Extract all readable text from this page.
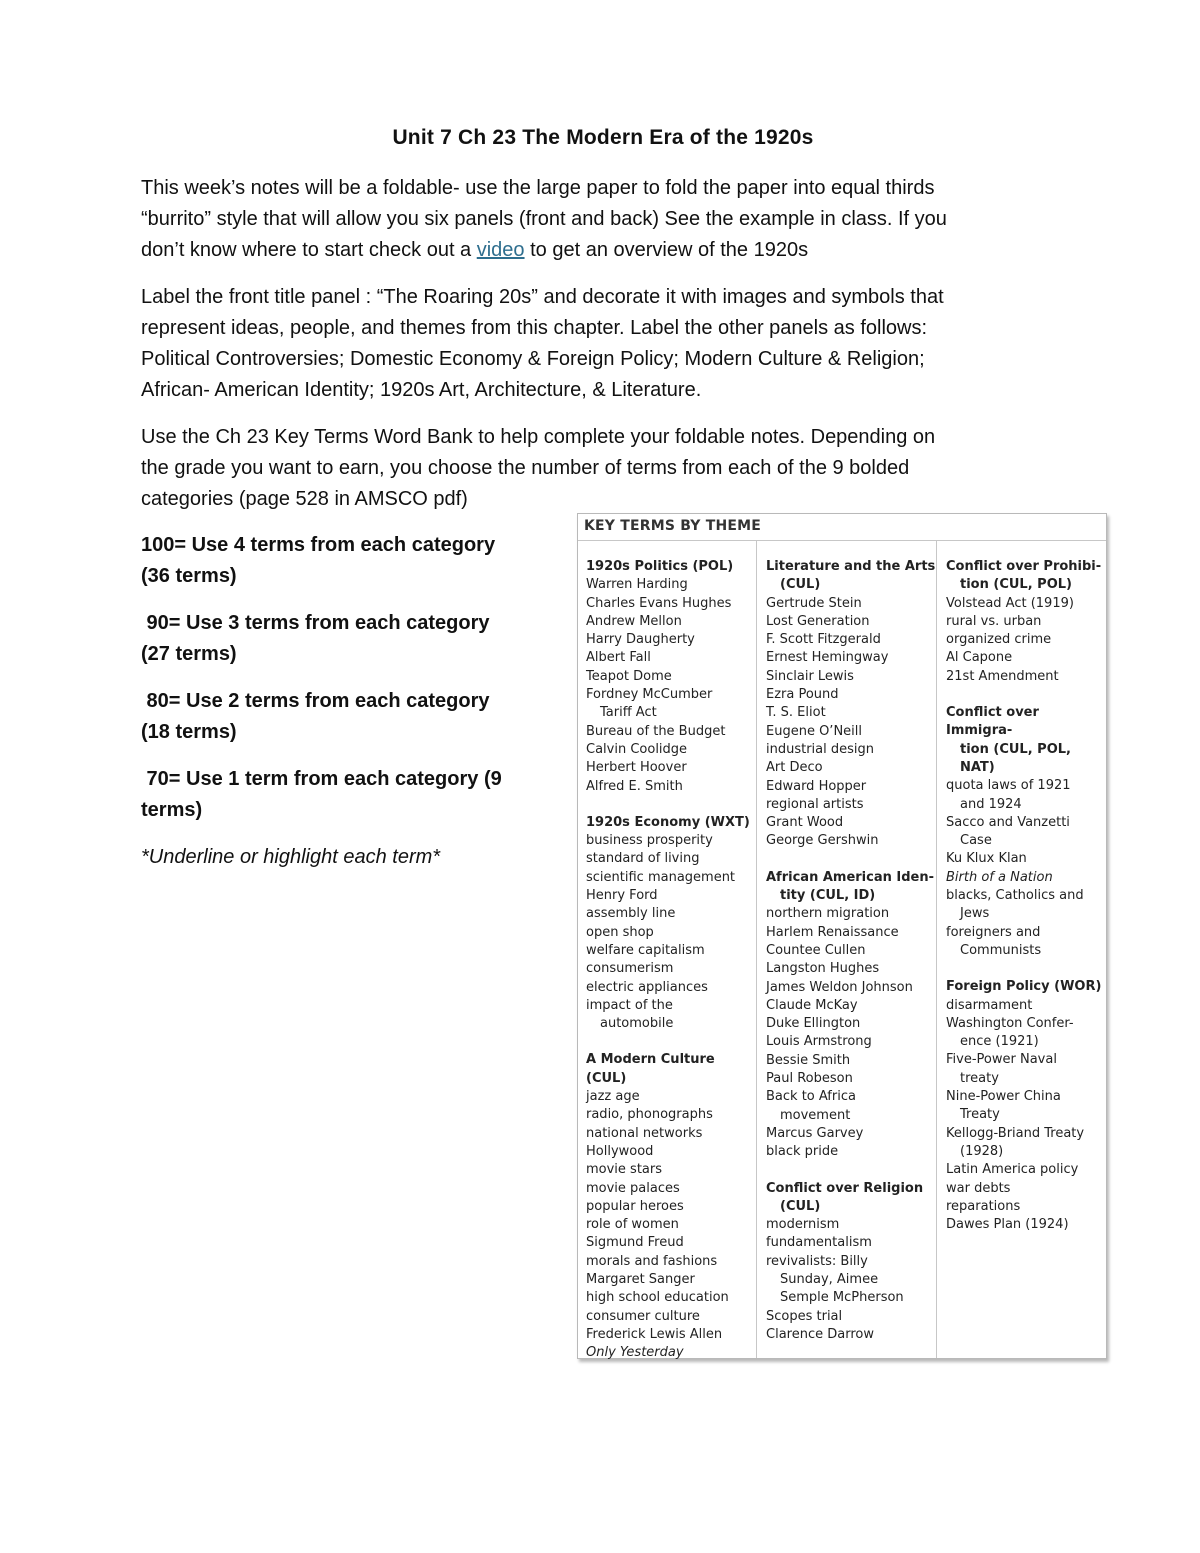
Unit 7 Ch 23 The Modern Era of the 1920s

This week’s notes will be a foldable- use the large paper to fold the paper into equal thirds
“burrito” style that will allow you six panels (front and back) See the example in class. If you
don’t know where to start check out a video to get an overview of the 1920s

Label the front title panel : “The Roaring 20s” and decorate it with images and symbols that
represent ideas, people, and themes from this chapter. Label the other panels as follows:
Political Controversies; Domestic Economy & Foreign Policy; Modern Culture & Religion;
African- American Identity; 1920s Art, Architecture, & Literature.

Use the Ch 23 Key Terms Word Bank to help complete your foldable notes. Depending on
the grade you want to earn, you choose the number of terms from each of the 9 bolded
categories (page 528 in AMSCO pdf)

100= Use 4 terms from each category
(36 terms)

90= Use 3 terms from each category
(27 terms)

80= Use 2 terms from each category
(18 terms)

70= Use 1 term from each category (9
terms)

*Underline or highlight each term*

KEY TERMS BY THEME
1920s Politics (POL)
Warren Harding
Charles Evans Hughes
Andrew Mellon
Harry Daugherty
Albert Fall
Teapot Dome
Fordney McCumber
Tariff Act
Bureau of the Budget
Calvin Coolidge
Herbert Hoover
Alfred E. Smith
1920s Economy (WXT)
business prosperity
standard of living
scientific management
Henry Ford
assembly line
open shop
welfare capitalism
consumerism
electric appliances
impact of the
automobile
A Modern Culture (CUL)
jazz age
radio, phonographs
national networks
Hollywood
movie stars
movie palaces
popular heroes
role of women
Sigmund Freud
morals and fashions
Margaret Sanger
high school education
consumer culture
Frederick Lewis Allen
Only Yesterday
Literature and the Arts
(CUL)
Gertrude Stein
Lost Generation
F. Scott Fitzgerald
Ernest Hemingway
Sinclair Lewis
Ezra Pound
T. S. Eliot
Eugene O’Neill
industrial design
Art Deco
Edward Hopper
regional artists
Grant Wood
George Gershwin
African American Iden-
tity (CUL, ID)
northern migration
Harlem Renaissance
Countee Cullen
Langston Hughes
James Weldon Johnson
Claude McKay
Duke Ellington
Louis Armstrong
Bessie Smith
Paul Robeson
Back to Africa
movement
Marcus Garvey
black pride
Conflict over Religion
(CUL)
modernism
fundamentalism
revivalists: Billy
Sunday, Aimee
Semple McPherson
Scopes trial
Clarence Darrow
Conflict over Prohibi-
tion (CUL, POL)
Volstead Act (1919)
rural vs. urban
organized crime
Al Capone
21st Amendment
Conflict over Immigra-
tion (CUL, POL, NAT)
quota laws of 1921
and 1924
Sacco and Vanzetti
Case
Ku Klux Klan
Birth of a Nation
blacks, Catholics and
Jews
foreigners and
Communists
Foreign Policy (WOR)
disarmament
Washington Confer-
ence (1921)
Five-Power Naval
treaty
Nine-Power China
Treaty
Kellogg-Briand Treaty
(1928)
Latin America policy
war debts
reparations
Dawes Plan (1924)
